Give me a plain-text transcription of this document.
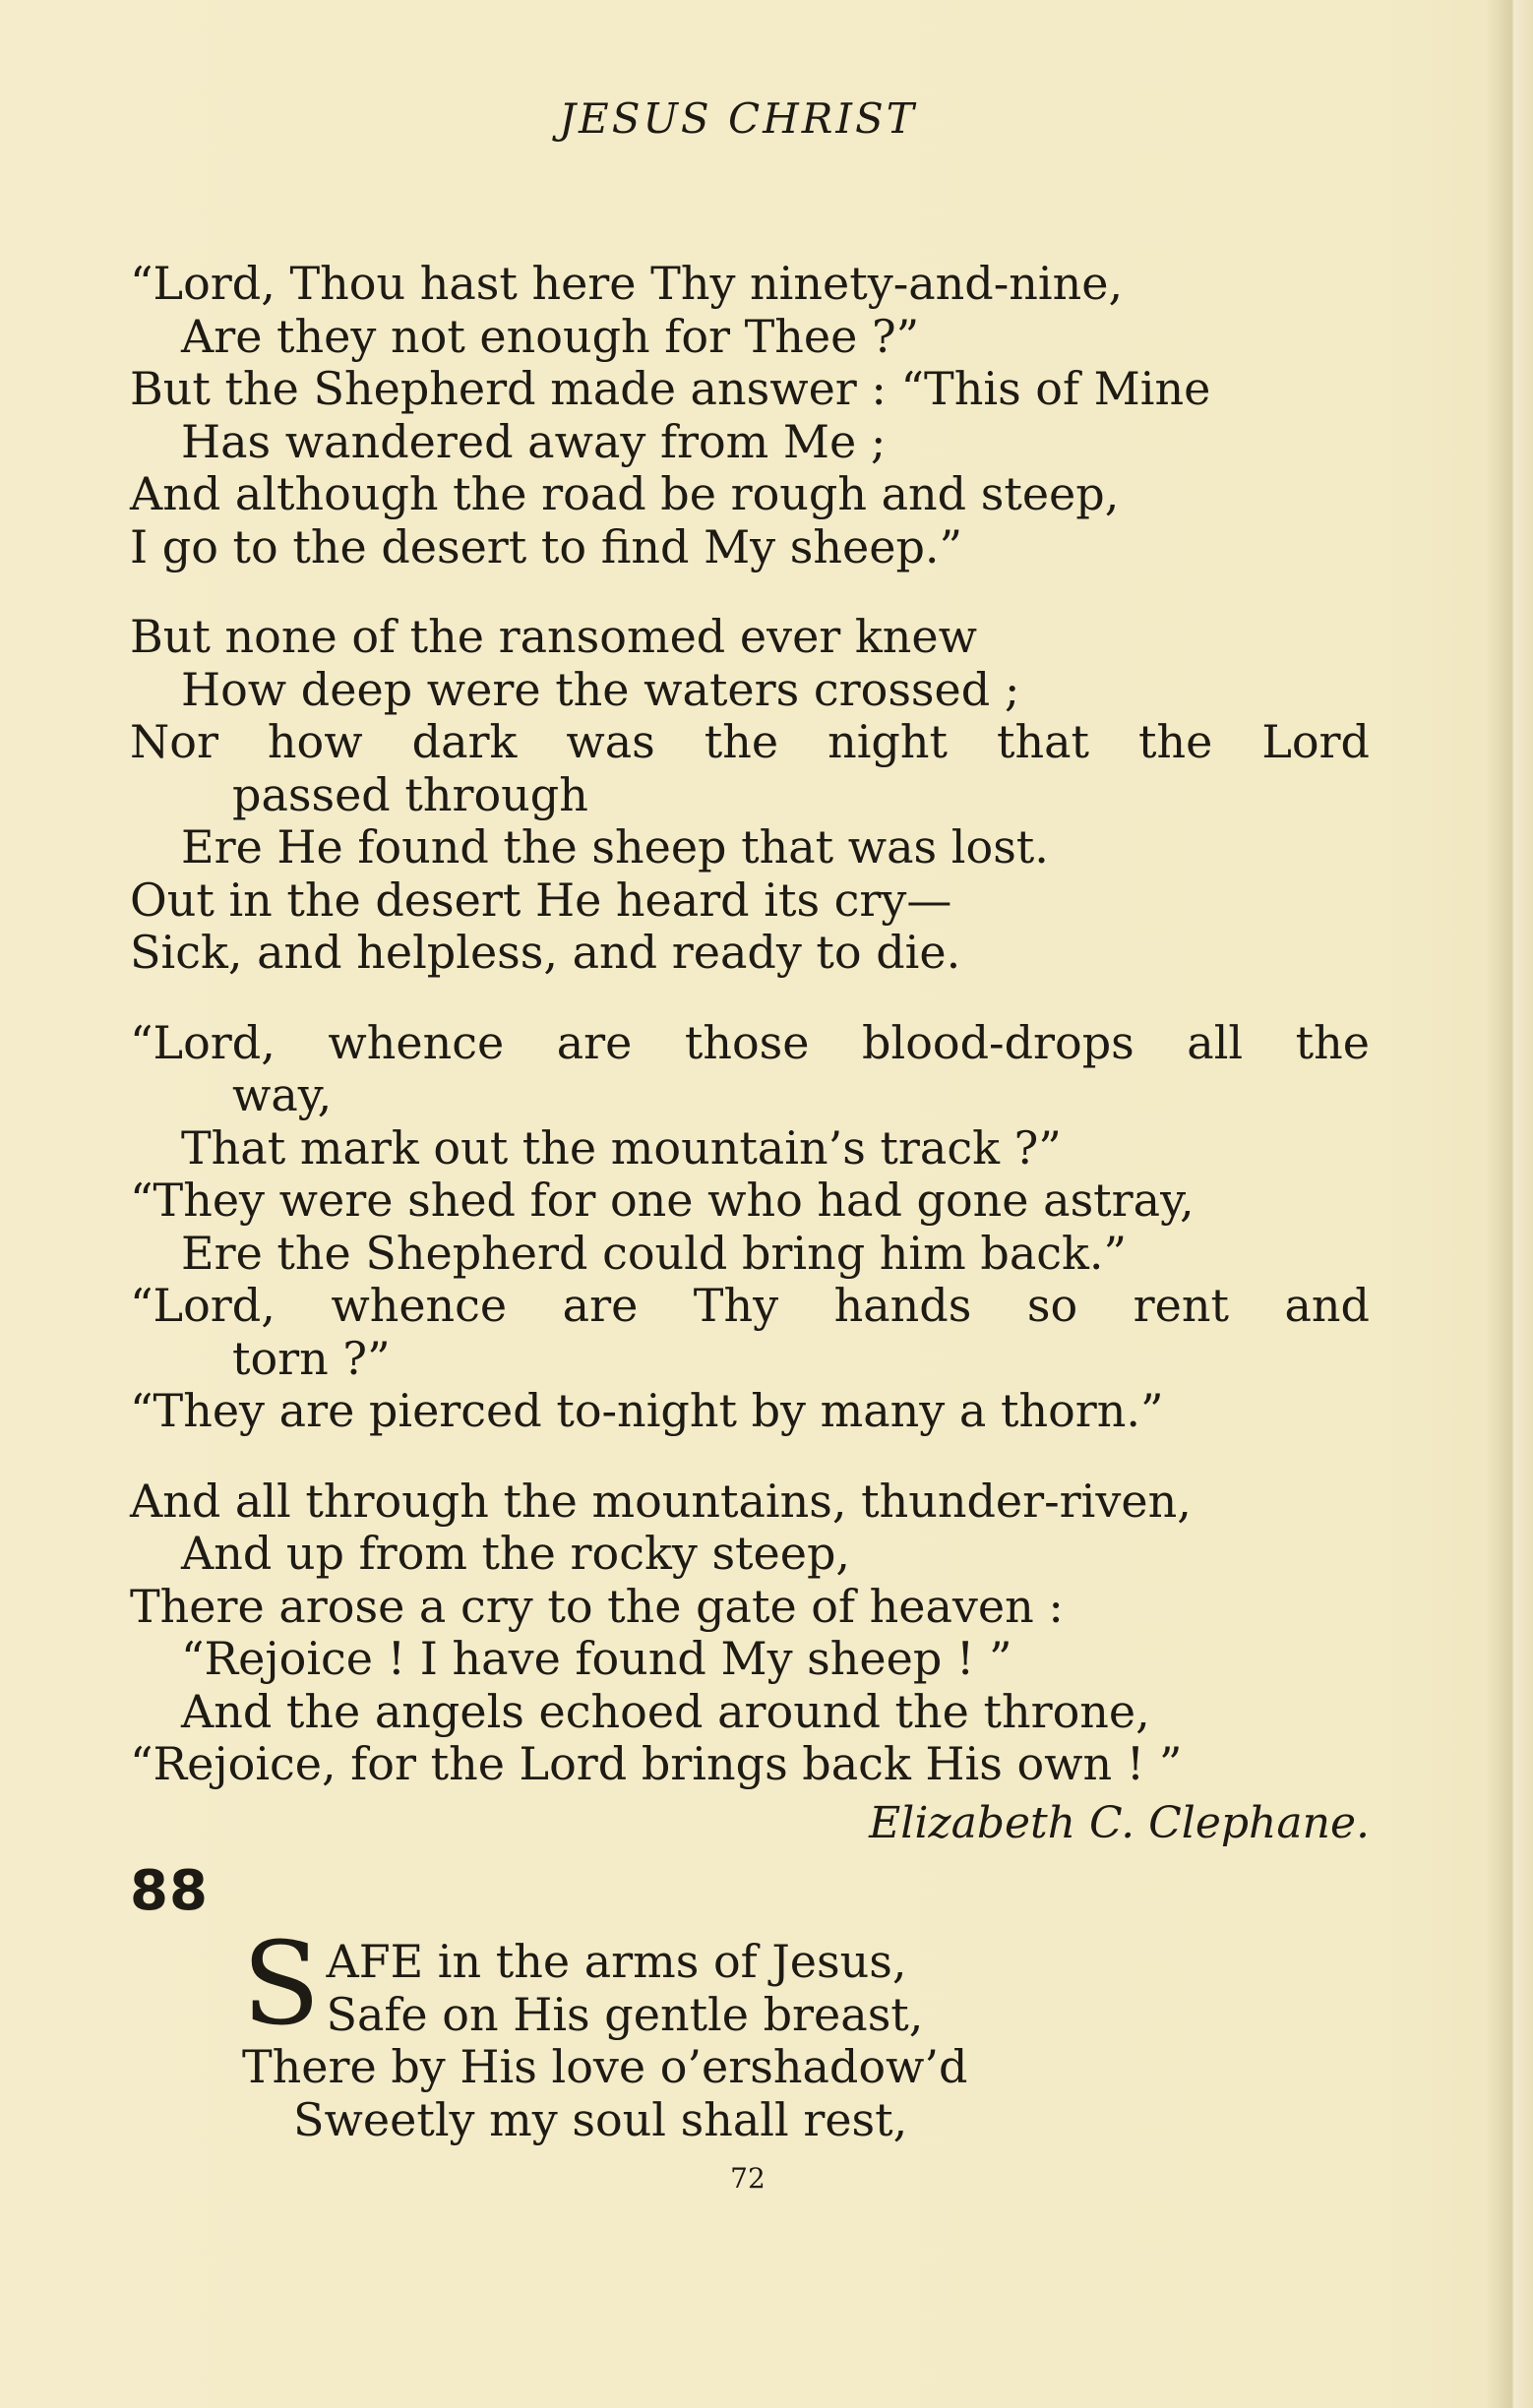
JESUS CHRIST
“Lord, Thou hast here Thy ninety-and-nine,
Are they not enough for Thee ?”
But the Shepherd made answer : “This of Mine
Has wandered away from Me ;
And although the road be rough and steep,
I go to the desert to find My sheep.”
But none of the ransomed ever knew
How deep were the waters crossed ;
Nor how dark was the night that the Lord
passed through
Ere He found the sheep that was lost.
Out in the desert He heard its cry—
Sick, and helpless, and ready to die.
“Lord, whence are those blood-drops all the
way,
That mark out the mountain’s track ?”
“They were shed for one who had gone astray,
Ere the Shepherd could bring him back.”
“Lord, whence are Thy hands so rent and
torn ?”
“They are pierced to-night by many a thorn.”
And all through the mountains, thunder-riven,
And up from the rocky steep,
There arose a cry to the gate of heaven :
“Rejoice ! I have found My sheep ! ”
And the angels echoed around the throne,
“Rejoice, for the Lord brings back His own ! ”
Elizabeth C. Clephane.
88
S AFE in the arms of Jesus,
Safe on His gentle breast,
There by His love o’ershadow’d
Sweetly my soul shall rest,
72
